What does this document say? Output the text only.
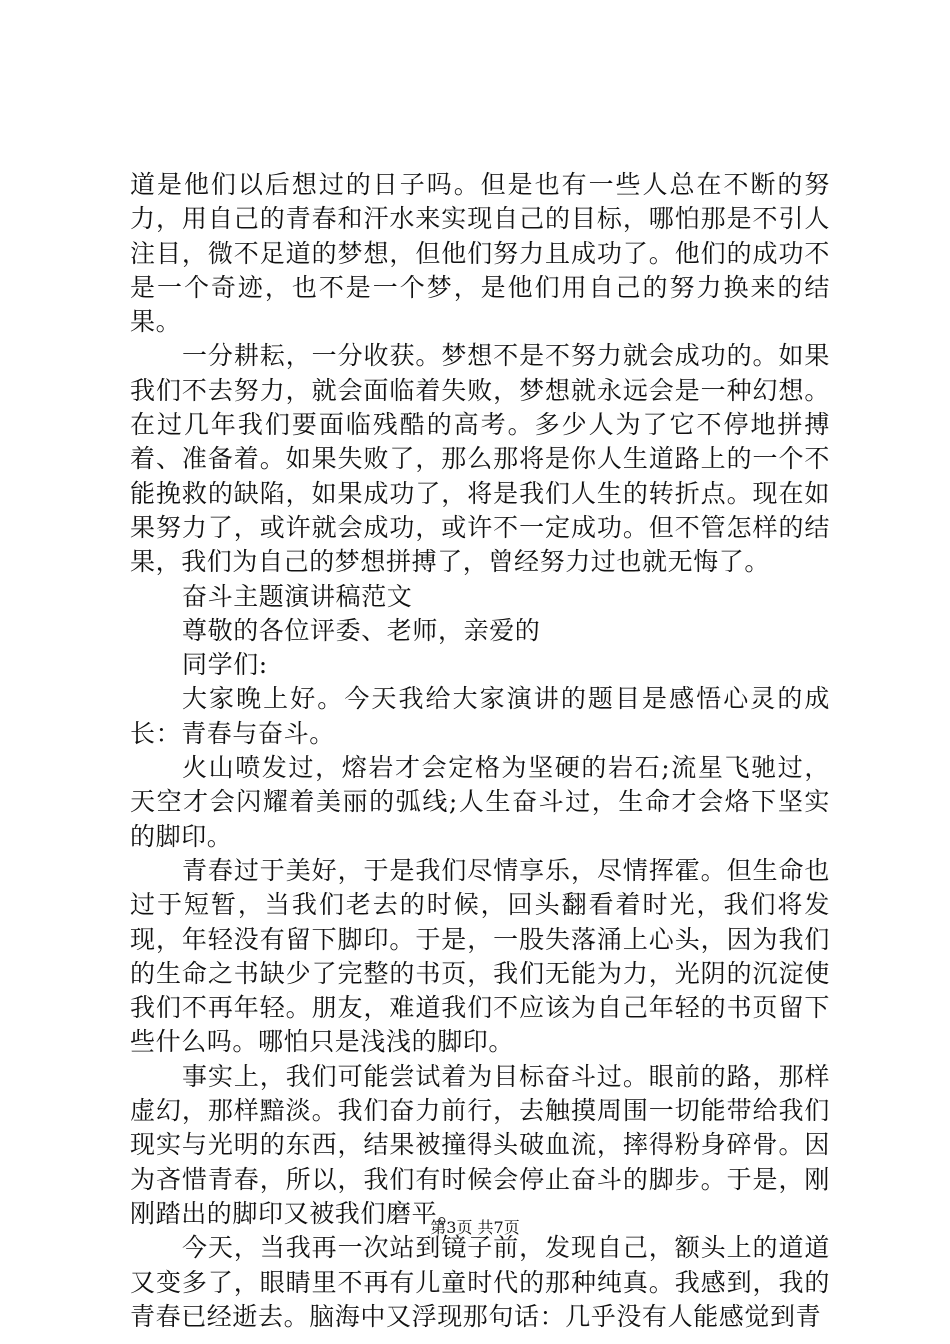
道是他们以后想过的日子吗。但是也有一些人总在不断的努力，用自己的青春和汗水来实现自己的目标，哪怕那是不引人注目，微不足道的梦想，但他们努力且成功了。他们的成功不是一个奇迹，也不是一个梦，是他们用自己的努力换来的结果。

一分耕耘，一分收获。梦想不是不努力就会成功的。如果我们不去努力，就会面临着失败，梦想就永远会是一种幻想。在过几年我们要面临残酷的高考。多少人为了它不停地拼搏着、准备着。如果失败了，那么那将是你人生道路上的一个不能挽救的缺陷，如果成功了，将是我们人生的转折点。现在如果努力了，或许就会成功，或许不一定成功。但不管怎样的结果，我们为自己的梦想拼搏了，曾经努力过也就无悔了。

奋斗主题演讲稿范文

尊敬的各位评委、老师，亲爱的

同学们:

大家晚上好。今天我给大家演讲的题目是感悟心灵的成长：青春与奋斗。

火山喷发过，熔岩才会定格为坚硬的岩石;流星飞驰过，天空才会闪耀着美丽的弧线;人生奋斗过，生命才会烙下坚实的脚印。

青春过于美好，于是我们尽情享乐，尽情挥霍。但生命也过于短暂，当我们老去的时候，回头翻看着时光，我们将发现，年轻没有留下脚印。于是，一股失落涌上心头，因为我们的生命之书缺少了完整的书页，我们无能为力，光阴的沉淀使我们不再年轻。朋友，难道我们不应该为自己年轻的书页留下些什么吗。哪怕只是浅浅的脚印。

事实上，我们可能尝试着为目标奋斗过。眼前的路，那样虚幻，那样黯淡。我们奋力前行，去触摸周围一切能带给我们现实与光明的东西，结果被撞得头破血流，摔得粉身碎骨。因为吝惜青春，所以，我们有时候会停止奋斗的脚步。于是，刚刚踏出的脚印又被我们磨平。

今天，当我再一次站到镜子前，发现自己，额头上的道道又变多了，眼睛里不再有儿童时代的那种纯真。我感到，我的青春已经逝去。脑海中又浮现那句话：几乎没有人能感觉到青

第3页 共7页
